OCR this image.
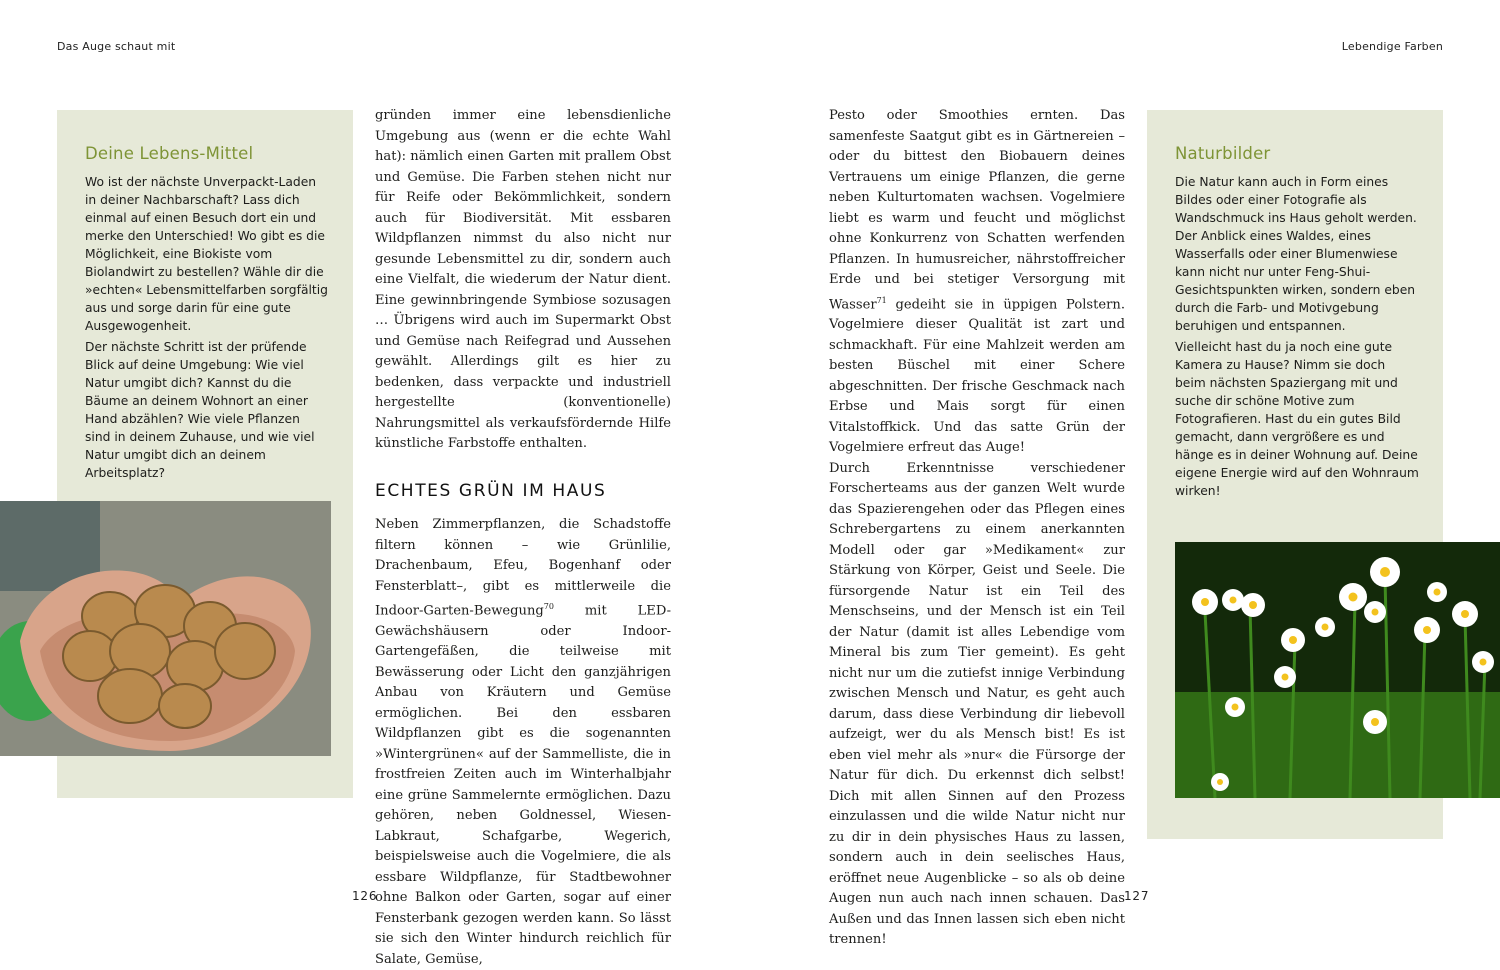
Das Auge schaut mit	Lebendige Farben
Deine Lebens-Mittel

Wo ist der nächste Unverpackt-Laden in deiner Nachbarschaft? Lass dich einmal auf einen Besuch dort ein und merke den Unterschied! Wo gibt es die Möglichkeit, eine Biokiste vom Biolandwirt zu bestellen? Wähle dir die »echten« Lebensmittelfarben sorgfältig aus und sorge darin für eine gute Ausgewogenheit.

Der nächste Schritt ist der prüfende Blick auf deine Umgebung: Wie viel Natur umgibt dich? Kannst du die Bäume an deinem Wohnort an einer Hand abzählen? Wie viele Pflanzen sind in deinem Zuhause, und wie viel Natur umgibt dich an deinem Arbeitsplatz?

gründen immer eine lebensdienliche Umgebung aus (wenn er die echte Wahl hat): nämlich einen Garten mit prallem Obst und Gemüse. Die Farben stehen nicht nur für Reife oder Bekömmlichkeit, sondern auch für Biodiversität. Mit essbaren Wildpflanzen nimmst du also nicht nur gesunde Lebensmittel zu dir, sondern auch eine Vielfalt, die wiederum der Natur dient. Eine gewinnbringende Symbiose sozusagen … Übrigens wird auch im Supermarkt Obst und Gemüse nach Reifegrad und Aussehen gewählt. Allerdings gilt es hier zu bedenken, dass verpackte und industriell hergestellte (konventionelle) Nahrungsmittel als verkaufsfördernde Hilfe künstliche Farbstoffe enthalten.

ECHTES GRÜN IM HAUS

Neben Zimmerpflanzen, die Schadstoffe filtern können – wie Grünlilie, Drachenbaum, Efeu, Bogenhanf oder Fensterblatt–, gibt es mittlerweile die Indoor-Garten-Bewegung$^{70}$ mit LED-Gewächshäusern oder Indoor-Gartengefäßen, die teilweise mit Bewässerung oder Licht den ganzjährigen Anbau von Kräutern und Gemüse ermöglichen. Bei den essbaren Wildpflanzen gibt es die sogenannten »Wintergrünen« auf der Sammelliste, die in frostfreien Zeiten auch im Winterhalbjahr eine grüne Sammelernte ermöglichen. Dazu gehören, neben Goldnessel, Wiesen-Labkraut, Schafgarbe, Wegerich, beispielsweise auch die Vogelmiere, die als essbare Wildpflanze, für Stadtbewohner ohne Balkon oder Garten, sogar auf einer Fensterbank gezogen werden kann. So lässt sie sich den Winter hindurch reichlich für Salate, Gemüse,

Pesto oder Smoothies ernten. Das samenfeste Saatgut gibt es in Gärtnereien – oder du bittest den Biobauern deines Vertrauens um einige Pflanzen, die gerne neben Kulturtomaten wachsen. Vogelmiere liebt es warm und feucht und möglichst ohne Konkurrenz von Schatten werfenden Pflanzen. In humusreicher, nährstoffreicher Erde und bei stetiger Versorgung mit Wasser$^{71}$ gedeiht sie in üppigen Polstern. Vogelmiere dieser Qualität ist zart und schmackhaft. Für eine Mahlzeit werden am besten Büschel mit einer Schere abgeschnitten. Der frische Geschmack nach Erbse und Mais sorgt für einen Vitalstoffkick. Und das satte Grün der Vogelmiere erfreut das Auge!

Durch Erkenntnisse verschiedener Forscherteams aus der ganzen Welt wurde das Spazierengehen oder das Pflegen eines Schrebergartens zu einem anerkannten Modell oder gar »Medikament« zur Stärkung von Körper, Geist und Seele. Die fürsorgende Natur ist ein Teil des Menschseins, und der Mensch ist ein Teil der Natur (damit ist alles Lebendige vom Mineral bis zum Tier gemeint). Es geht nicht nur um die zutiefst innige Verbindung zwischen Mensch und Natur, es geht auch darum, dass diese Verbindung dir liebevoll aufzeigt, wer du als Mensch bist! Es ist eben viel mehr als »nur« die Fürsorge der Natur für dich. Du erkennst dich selbst! Dich mit allen Sinnen auf den Prozess einzulassen und die wilde Natur nicht nur zu dir in dein physisches Haus zu lassen, sondern auch in dein seelisches Haus, eröffnet neue Augenblicke – so als ob deine Augen nun auch nach innen schauen. Das Außen und das Innen lassen sich eben nicht trennen!

Naturbilder

Die Natur kann auch in Form eines Bildes oder einer Fotografie als Wandschmuck ins Haus geholt werden. Der Anblick eines Waldes, eines Wasserfalls oder einer Blumenwiese kann nicht nur unter Feng-Shui-Gesichtspunkten wirken, sondern eben durch die Farb- und Motivgebung beruhigen und entspannen.

Vielleicht hast du ja noch eine gute Kamera zu Hause? Nimm sie doch beim nächsten Spaziergang mit und suche dir schöne Motive zum Fotografieren. Hast du ein gutes Bild gemacht, dann vergrößere es und hänge es in deiner Wohnung auf. Deine eigene Energie wird auf den Wohnraum wirken!

126	127
